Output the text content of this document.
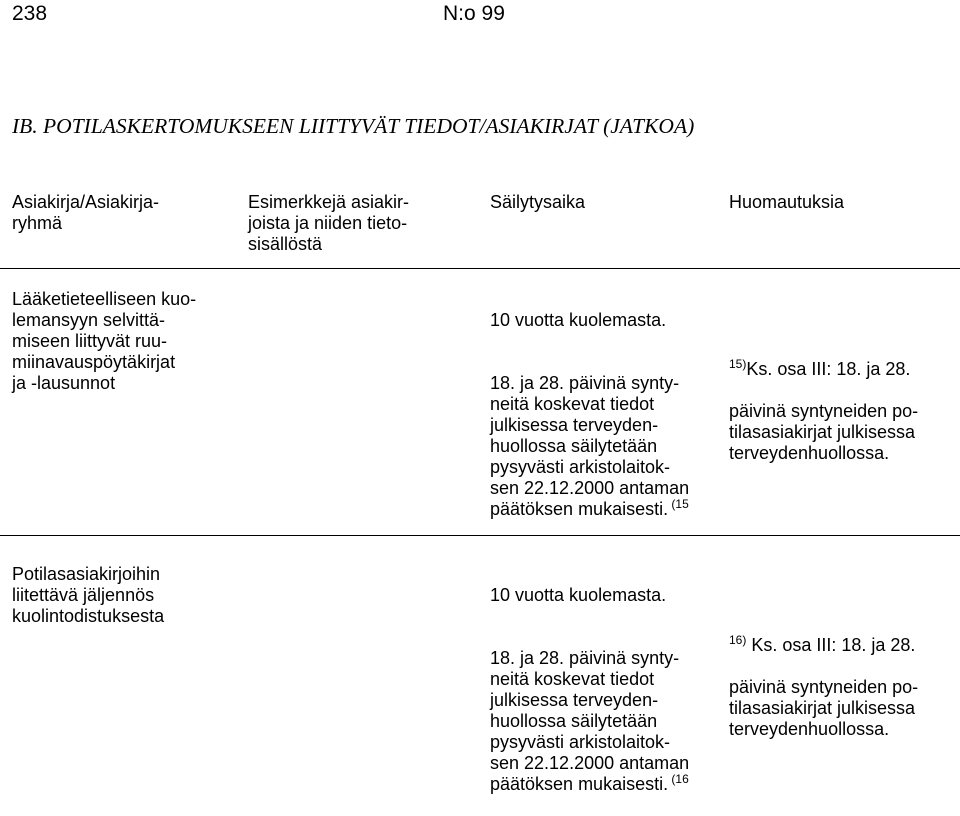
238	N:o 99
IB. POTILASKERTOMUKSEEN LIITTYVÄT TIEDOT/ASIAKIRJAT (JATKOA)
Asiakirja/Asiakirja-
ryhmä
Esimerkkejä asiakir-
joista ja niiden tieto-
sisällöstä
Säilytysaika	Huomautuksia
Lääketieteelliseen kuo-
lemansyyn selvittä-
miseen liittyvät ruu-
miinavauspöytäkirjat
ja -lausunnot

10 vuotta kuolemasta.

18. ja 28. päivinä synty-
neitä koskevat tiedot
julkisessa terveyden-
huollossa säilytetään
pysyvästi arkistolaitok-
sen 22.12.2000 antaman
päätöksen mukaisesti. $^{(15}$

$^{15)}$Ks. osa III: 18. ja 28.

päivinä syntyneiden po-
tilasasiakirjat julkisessa
terveydenhuollossa.

Potilasasiakirjoihin
liitettävä jäljennös
kuolintodistuksesta

10 vuotta kuolemasta.

18. ja 28. päivinä synty-
neitä koskevat tiedot
julkisessa terveyden-
huollossa säilytetään
pysyvästi arkistolaitok-
sen 22.12.2000 antaman
päätöksen mukaisesti. $^{(16}$

$^{16)}$ Ks. osa III: 18. ja 28.

päivinä syntyneiden po-
tilasasiakirjat julkisessa
terveydenhuollossa.
